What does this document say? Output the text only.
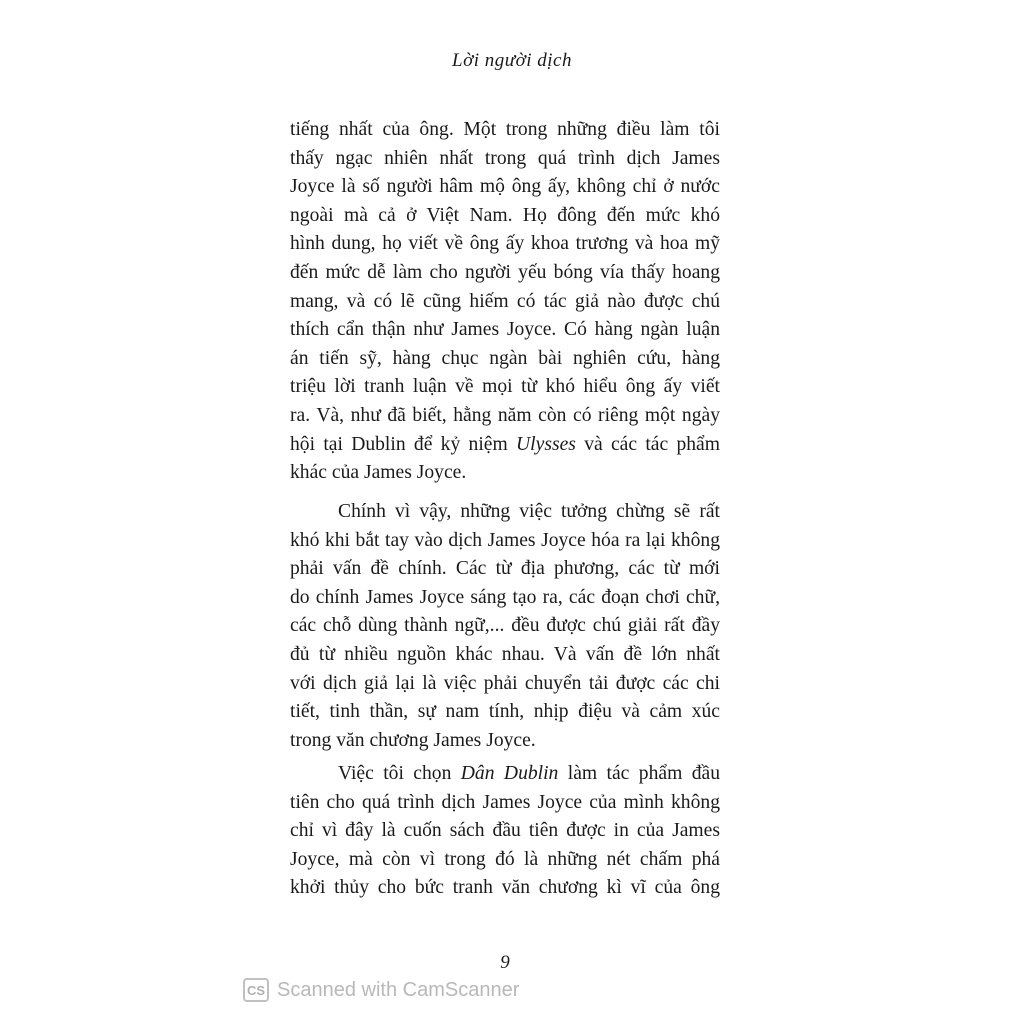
Lời người dịch
tiếng nhất của ông. Một trong những điều làm tôi
thấy ngạc nhiên nhất trong quá trình dịch James
Joyce là số người hâm mộ ông ấy, không chỉ ở nước
ngoài mà cả ở Việt Nam. Họ đông đến mức khó
hình dung, họ viết về ông ấy khoa trương và hoa mỹ
đến mức dễ làm cho người yếu bóng vía thấy hoang
mang, và có lẽ cũng hiếm có tác giả nào được chú
thích cẩn thận như James Joyce. Có hàng ngàn luận
án tiến sỹ, hàng chục ngàn bài nghiên cứu, hàng
triệu lời tranh luận về mọi từ khó hiểu ông ấy viết
ra. Và, như đã biết, hằng năm còn có riêng một ngày
hội tại Dublin để kỷ niệm Ulysses và các tác phẩm
khác của James Joyce.
Chính vì vậy, những việc tưởng chừng sẽ rất
khó khi bắt tay vào dịch James Joyce hóa ra lại không
phải vấn đề chính. Các từ địa phương, các từ mới
do chính James Joyce sáng tạo ra, các đoạn chơi chữ,
các chỗ dùng thành ngữ,... đều được chú giải rất đầy
đủ từ nhiều nguồn khác nhau. Và vấn đề lớn nhất
với dịch giả lại là việc phải chuyển tải được các chi
tiết, tinh thần, sự nam tính, nhịp điệu và cảm xúc
trong văn chương James Joyce.
Việc tôi chọn Dân Dublin làm tác phẩm đầu
tiên cho quá trình dịch James Joyce của mình không
chỉ vì đây là cuốn sách đầu tiên được in của James
Joyce, mà còn vì trong đó là những nét chấm phá
khởi thủy cho bức tranh văn chương kì vĩ của ông
9
CS Scanned with CamScanner
